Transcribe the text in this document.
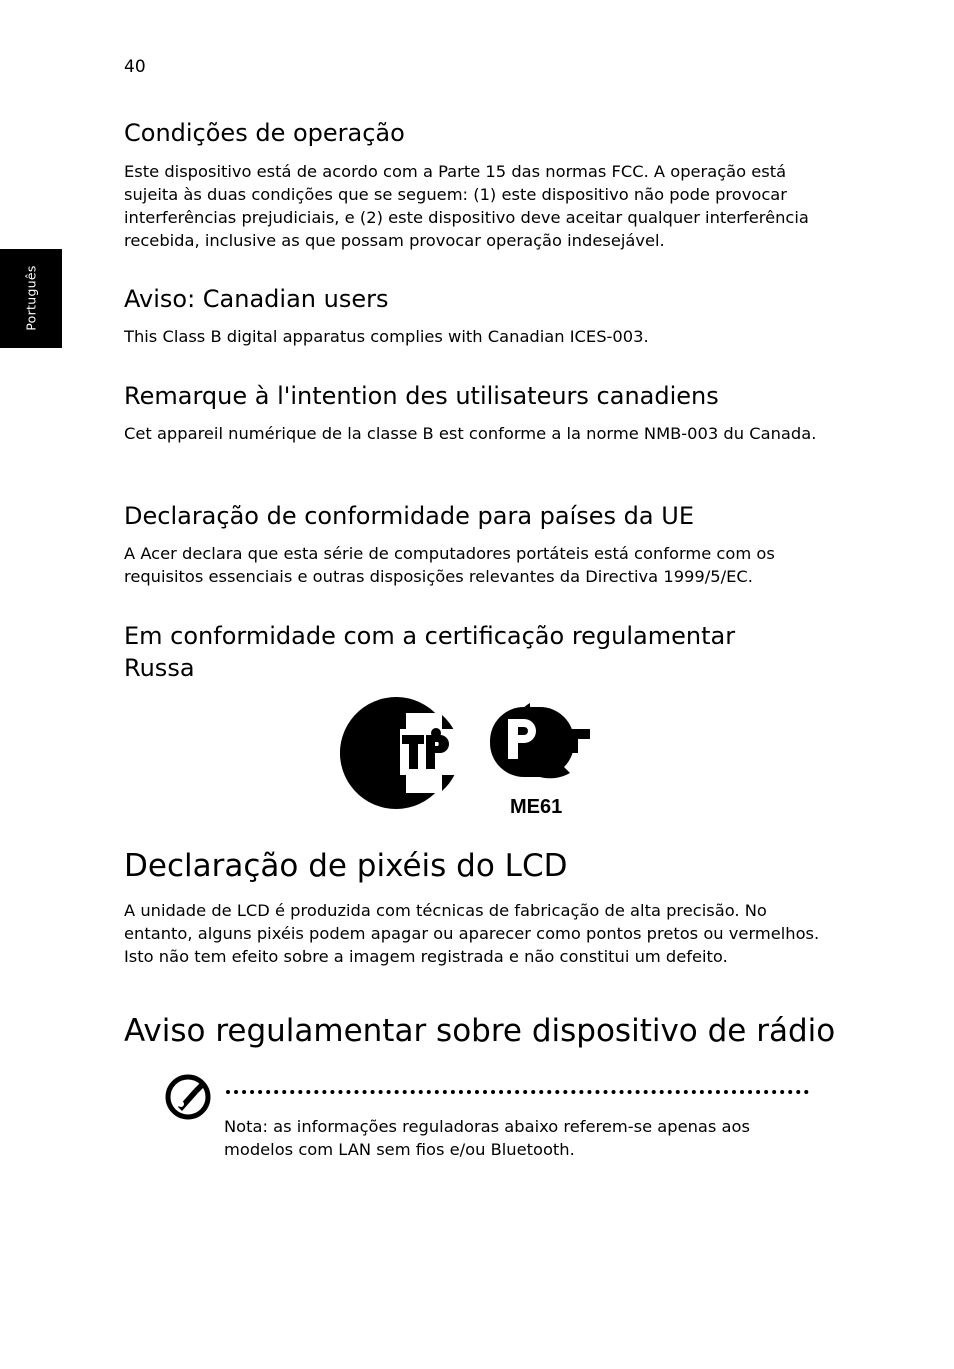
40
Português
Condições de operação

Este dispositivo está de acordo com a Parte 15 das normas FCC. A operação está sujeita às duas condições que se seguem: (1) este dispositivo não pode provocar interferências prejudiciais, e (2) este dispositivo deve aceitar qualquer interferência recebida, inclusive as que possam provocar operação indesejável.

Aviso: Canadian users

This Class B digital apparatus complies with Canadian ICES-003.

Remarque à l'intention des utilisateurs canadiens

Cet appareil numérique de la classe B est conforme a la norme NMB-003 du Canada.

Declaração de conformidade para países da UE

A Acer declara que esta série de computadores portáteis está conforme com os requisitos essenciais e outras disposições relevantes da Directiva 1999/5/EC.

Em conformidade com a certificação regulamentar
Russa
ME61
Declaração de pixéis do LCD

A unidade de LCD é produzida com técnicas de fabricação de alta precisão. No entanto, alguns pixéis podem apagar ou aparecer como pontos pretos ou vermelhos. Isto não tem efeito sobre a imagem registrada e não constitui um defeito.

Aviso regulamentar sobre dispositivo de rádio

Nota: as informações reguladoras abaixo referem-se apenas aos modelos com LAN sem fios e/ou Bluetooth.
